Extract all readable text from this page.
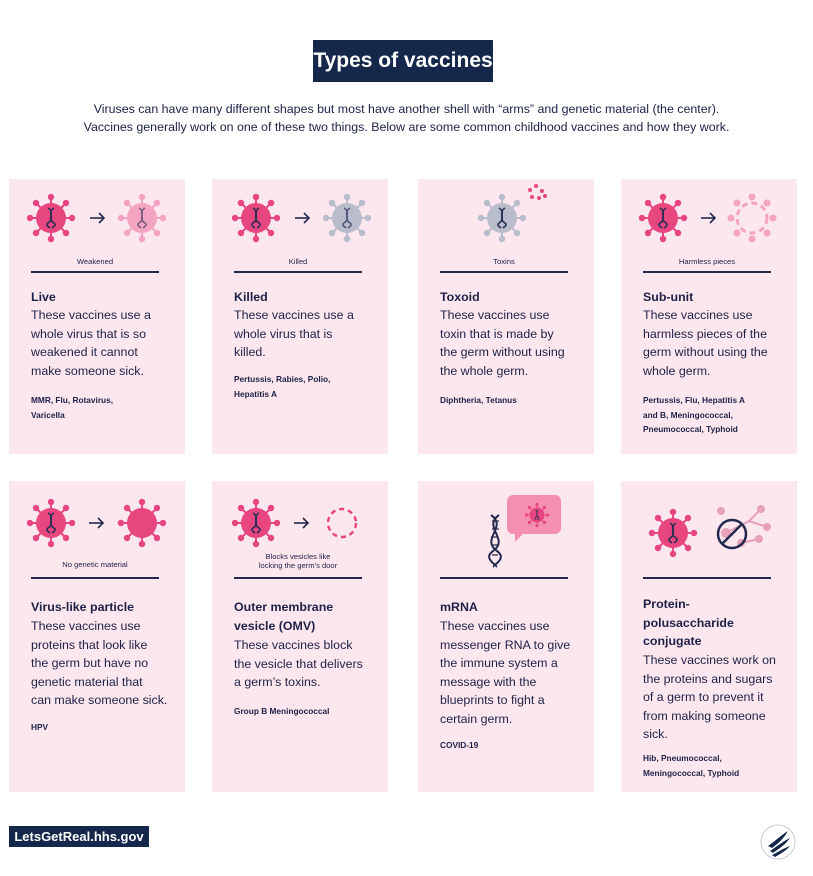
Types of vaccines
Viruses can have many different shapes but most have another shell with “arms” and genetic material (the center).
Vaccines generally work on one of these two things. Below are some common childhood vaccines and how they work.
Weakened
Live
These vaccines use a
whole virus that is so
weakened it cannot
make someone sick.
MMR, Flu, Rotavirus,
Varicella
Killed
Killed
These vaccines use a
whole virus that is
killed.
Pertussis, Rabies, Polio,
Hepatitis A
Toxins
Toxoid
These vaccines use
toxin that is made by
the germ without using
the whole germ.
Diphtheria, Tetanus
Harmless pieces
Sub-unit
These vaccines use
harmless pieces of the
germ without using the
whole germ.
Pertussis, Flu, Hepatitis A
and B, Meningococcal,
Pneumococcal, Typhoid
No genetic material
Virus-like particle
These vaccines use
proteins that look like
the germ but have no
genetic material that
can make someone sick.
HPV
Blocks vesicles like
locking the germ’s door
Outer membrane
vesicle (OMV)
These vaccines block
the vesicle that delivers
a germ’s toxins.
Group B Meningococcal
mRNA
These vaccines use
messenger RNA to give
the immune system a
message with the
blueprints to fight a
certain germ.
COVID-19
Protein-
polusaccharide
conjugate
These vaccines work on
the proteins and sugars
of a germ to prevent it
from making someone
sick.
Hib, Pneumococcal,
Meningococcal, Typhoid
LetsGetReal.hhs.gov
